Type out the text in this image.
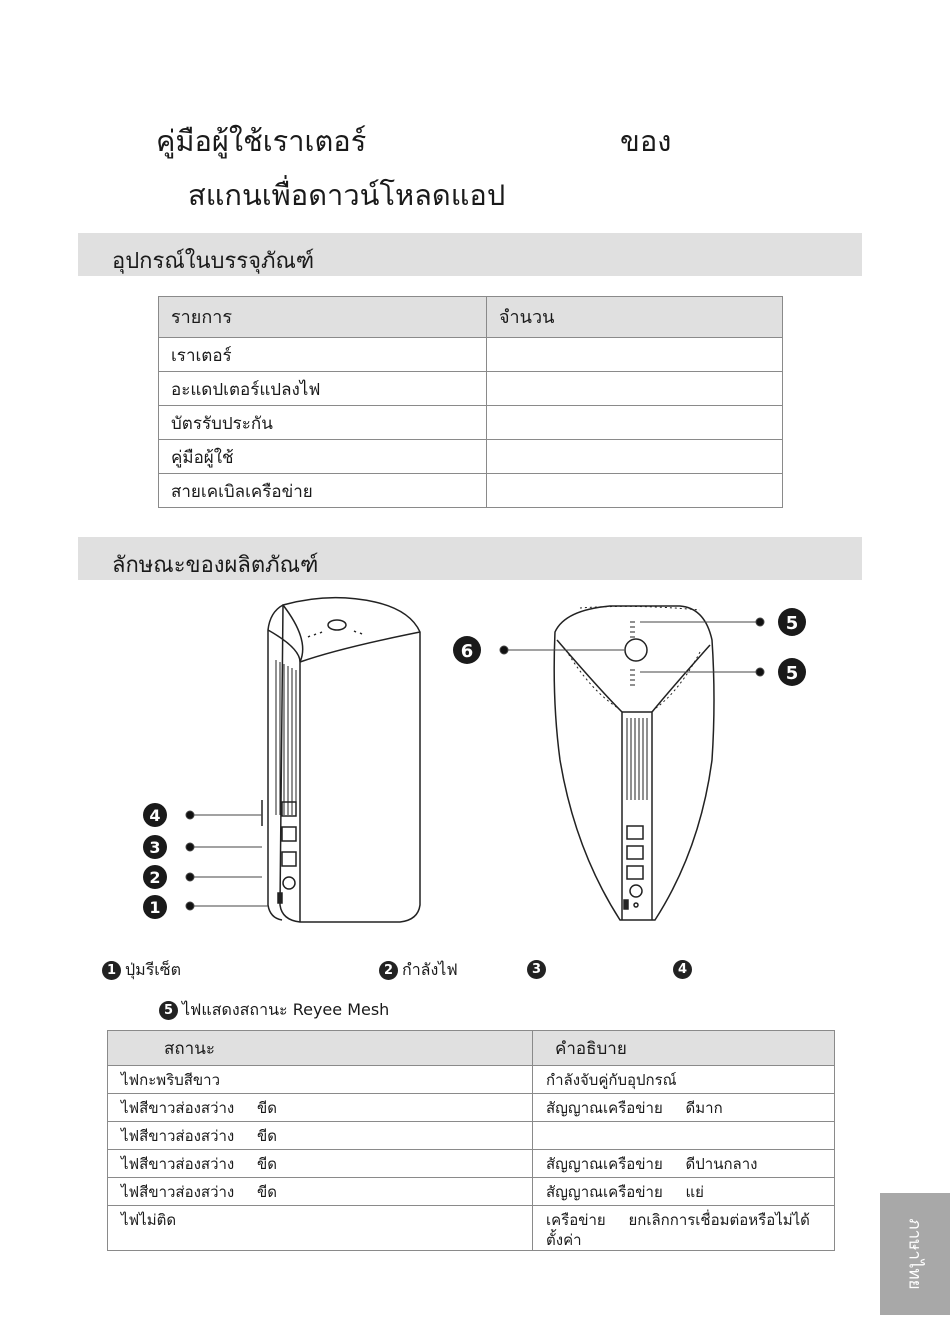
คู่มือผู้ใช้เราเตอร์	ของ
สแกนเพื่อดาวน์โหลดแอป
อุปกรณ์ในบรรจุภัณฑ์
รายการ	จำนวน
เราเตอร์	
อะแดปเตอร์แปลงไฟ	
บัตรรับประกัน	
คู่มือผู้ใช้	
สายเคเบิลเครือข่าย	
ลักษณะของผลิตภัณฑ์
4
3
2
1
5
5
6
1 ปุ่มรีเซ็ต	2 กำลังไฟ	3	4
5 ไฟแสดงสถานะ Reyee Mesh
สถานะ	คำอธิบาย
ไฟกะพริบสีขาว	กำลังจับคู่กับอุปกรณ์
ไฟสีขาวส่องสว่าง ขีด	สัญญาณเครือข่าย ดีมาก
ไฟสีขาวส่องสว่าง ขีด	
ไฟสีขาวส่องสว่าง ขีด	สัญญาณเครือข่าย ดีปานกลาง
ไฟสีขาวส่องสว่าง ขีด	สัญญาณเครือข่าย แย่
ไฟไม่ติด	เครือข่าย ยกเลิกการเชื่อมต่อหรือไม่ได้ตั้งค่า	ภาษาไทย
